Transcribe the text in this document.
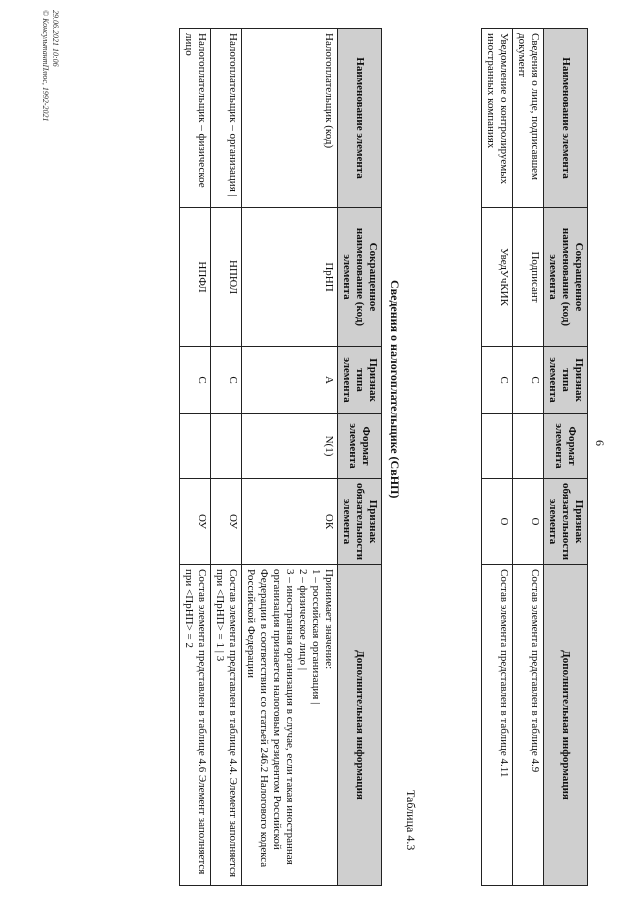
6
Наименование элемента	Сокращенное наименование (код) элемента	Признак типа элемента	Формат элемента	Признак обязательности элемента	Дополнительная информация
Сведения о лице, подписавшем документ	Подписант	С		О	Состав элемента представлен в таблице 4.9
Уведомление о контролируемых иностранных компаниях	УведУчКИК	С		О	Состав элемента представлен в таблице 4.11
Таблица 4.3
Сведения о налогоплательщике (СвНП)
Наименование элемента	Сокращенное наименование (код) элемента	Признак типа элемента	Формат элемента	Признак обязательности элемента	Дополнительная информация
Налогоплательщик (код)	ПрНП	А	N(1)	ОК	Принимает значение:
1 – российская организация |
2 – физическое лицо |
3 – иностранная организация в случае, если такая иностранная организация признается налоговым резидентом Российской Федерации в соответствии со статьей 246.2 Налогового кодекса Российской Федерации
Налогоплательщик – организация |	НПЮЛ	С		ОУ	Состав элемента представлен в таблице 4.4. Элемент заполняется при <ПрНП> = 1 | 3
Налогоплательщик – физическое лицо	НПФЛ	С		ОУ	Состав элемента представлен в таблице 4.6 Элемент заполняется при <ПрНП> = 2
29.06.2021 10:06
© КонсультантПлюс, 1992-2021
